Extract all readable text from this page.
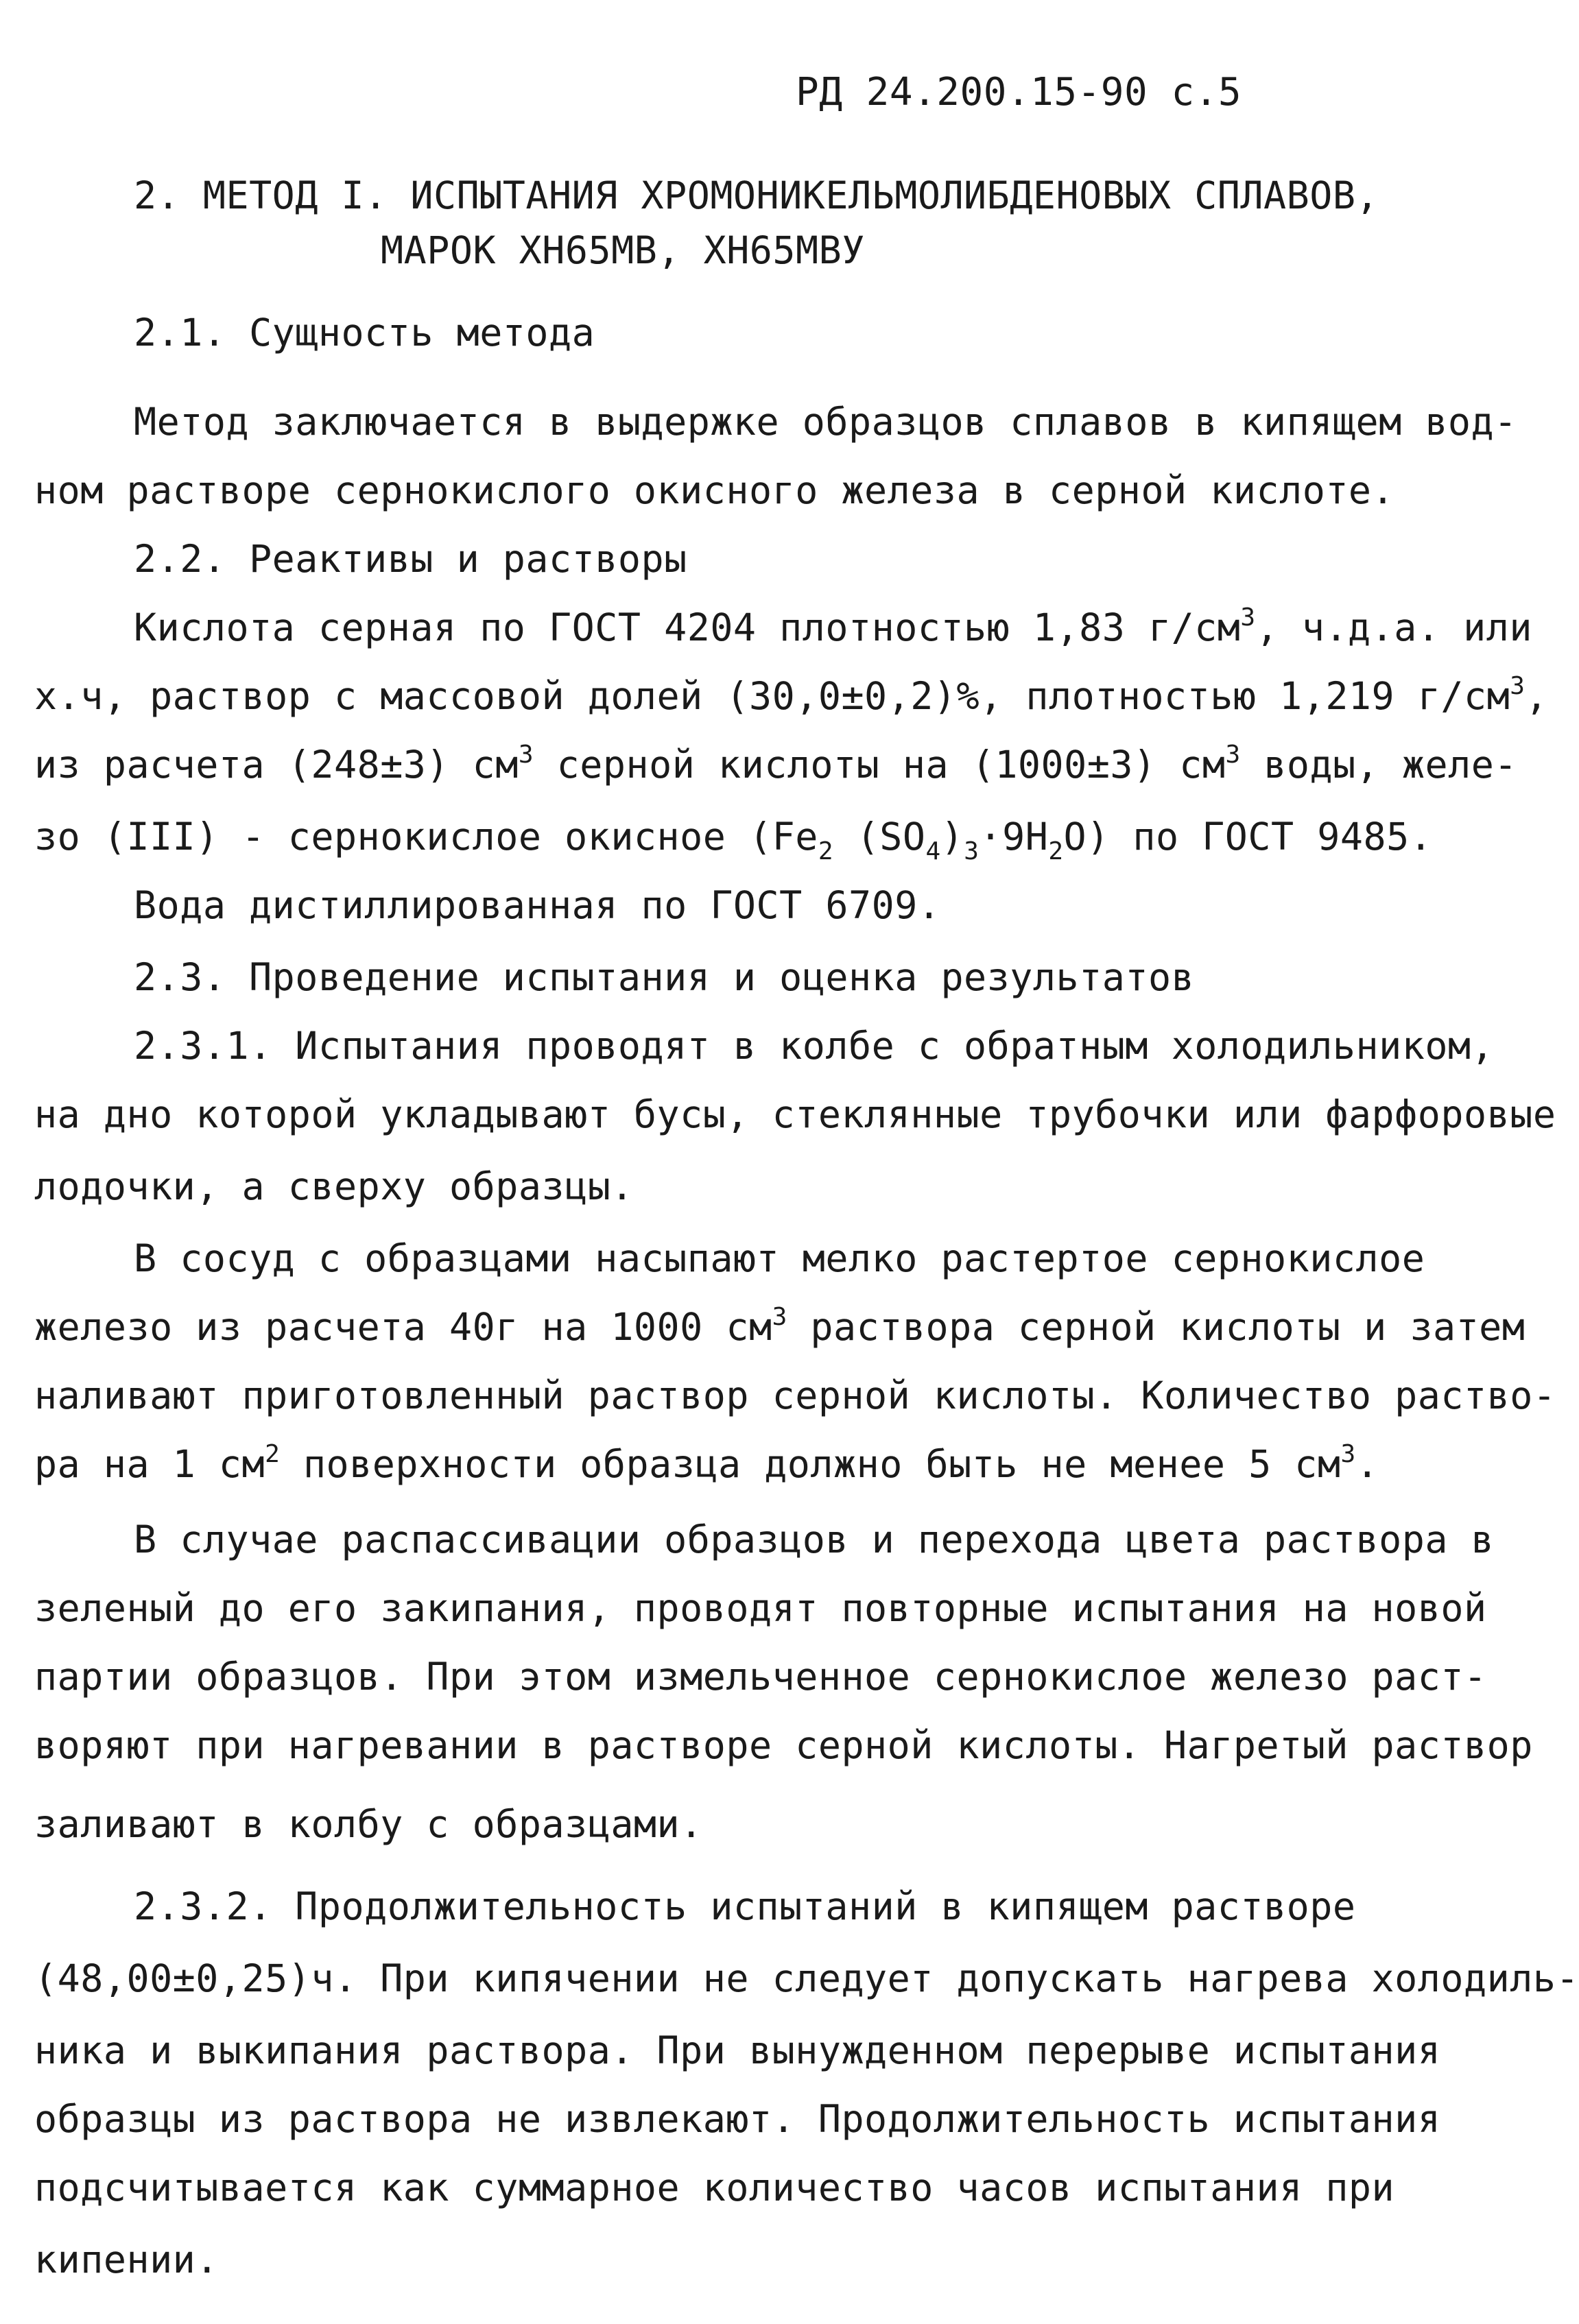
РД 24.200.15-90 с.5
2. МЕТОД I. ИСПЫТАНИЯ ХРОМОНИКЕЛЬМОЛИБДЕНОВЫХ СПЛАВОВ,
МАРОК ХН65МВ, ХН65МВУ
2.1. Сущность метода
Метод заключается в выдержке образцов сплавов в кипящем вод-
ном растворе сернокислого окисного железа в серной кислоте.
2.2. Реактивы и растворы
Кислота серная по ГОСТ 4204 плотностью 1,83 $г/см^3$, ч.д.а. или
х.ч, раствор с массовой долей (30,0±0,2)%, плотностью 1,219 $г/см^3$,
из расчета (248±3) $см^3$ серной кислоты на (1000±3) $см^3$ воды, желе-
зо (III) - сернокислое окисное ($Fe_2$ $(SO_4)_3\cdot 9H_2O$) по ГОСТ 9485.
Вода дистиллированная по ГОСТ 6709.
2.3. Проведение испытания и оценка результатов
2.3.1. Испытания проводят в колбе с обратным холодильником,
на дно которой укладывают бусы, стеклянные трубочки или фарфоровые
лодочки, а сверху образцы.
В сосуд с образцами насыпают мелко растертое сернокислое
железо из расчета 40г на 1000 $см^3$ раствора серной кислоты и затем
наливают приготовленный раствор серной кислоты. Количество раство-
ра на 1 $см^2$ поверхности образца должно быть не менее 5 $см^3$.
В случае распассивации образцов и перехода цвета раствора в
зеленый до его закипания, проводят повторные испытания на новой
партии образцов. При этом измельченное сернокислое железо раст-
воряют при нагревании в растворе серной кислоты. Нагретый раствор
заливают в колбу с образцами.
2.3.2. Продолжительность испытаний в кипящем растворе
(48,00±0,25)ч. При кипячении не следует допускать нагрева холодиль-
ника и выкипания раствора. При вынужденном перерыве испытания
образцы из раствора не извлекают. Продолжительность испытания
подсчитывается как суммарное количество часов испытания при
кипении.
